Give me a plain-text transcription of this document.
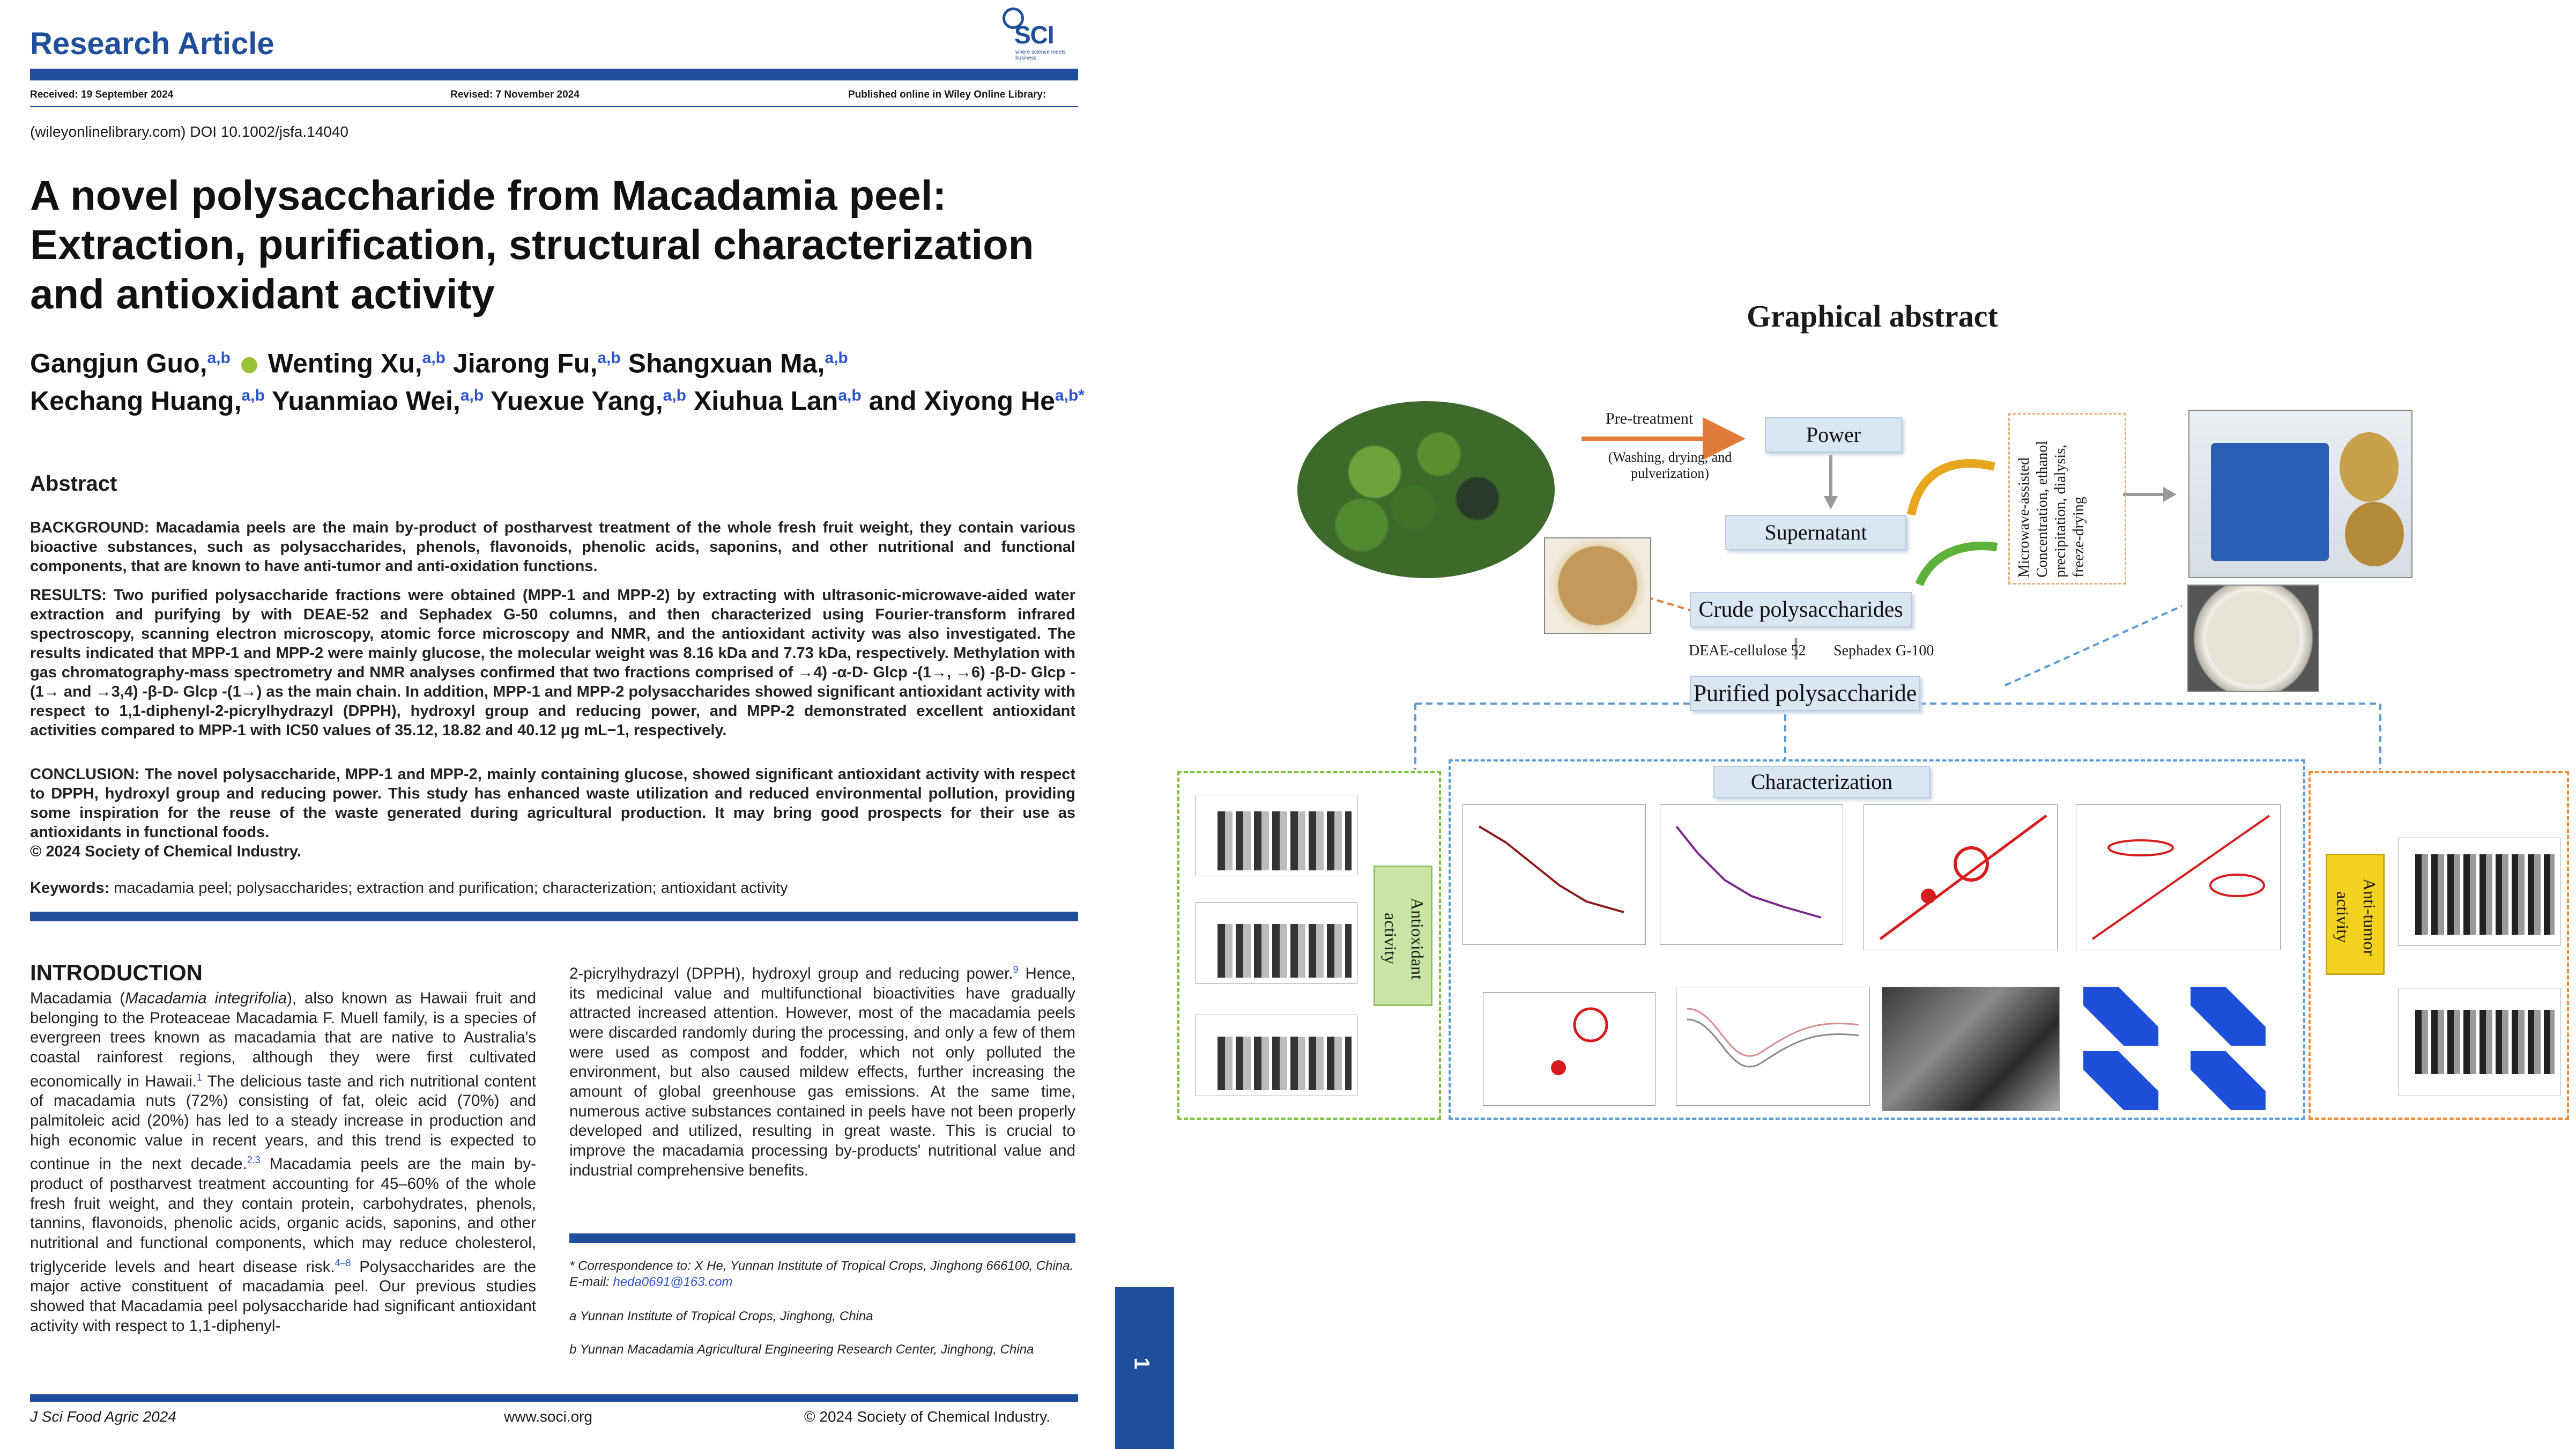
Research Article	SCI
where science meets business
Received: 19 September 2024	Revised: 7 November 2024	Published online in Wiley Online Library:
(wileyonlinelibrary.com) DOI 10.1002/jsfa.14040
A novel polysaccharide from Macadamia peel: Extraction, purification, structural characterization and antioxidant activity
Gangjun Guo,$^{a,b}$ Wenting Xu,$^{a,b}$ Jiarong Fu,$^{a,b}$ Shangxuan Ma,$^{a,b}$
Kechang Huang,$^{a,b}$ Yuanmiao Wei,$^{a,b}$ Yuexue Yang,$^{a,b}$ Xiuhua Lan$^{a,b}$ and Xiyong $He^{a,b*}$
Abstract
BACKGROUND: Macadamia peels are the main by-product of postharvest treatment of the whole fresh fruit weight, they contain various bioactive substances, such as polysaccharides, phenols, flavonoids, phenolic acids, saponins, and other nutritional and functional components, that are known to have anti-tumor and anti-oxidation functions.
RESULTS: Two purified polysaccharide fractions were obtained (MPP-1 and MPP-2) by extracting with ultrasonic-microwave-aided water extraction and purifying by with DEAE-52 and Sephadex G-50 columns, and then characterized using Fourier-transform infrared spectroscopy, scanning electron microscopy, atomic force microscopy and NMR, and the antioxidant activity was also investigated. The results indicated that MPP-1 and MPP-2 were mainly glucose, the molecular weight was 8.16 kDa and 7.73 kDa, respectively. Methylation with gas chromatography-mass spectrometry and NMR analyses confirmed that two fractions comprised of →4) -α-D- Glcp -(1→, →6) -β-D- Glcp -(1→ and →3,4) -β-D- Glcp -(1→) as the main chain. In addition, MPP-1 and MPP-2 polysaccharides showed significant antioxidant activity with respect to 1,1-diphenyl-2-picrylhydrazyl (DPPH), hydroxyl group and reducing power, and MPP-2 demonstrated excellent antioxidant activities compared to MPP-1 with IC50 values of 35.12, 18.82 and 40.12 μg mL−1, respectively.
CONCLUSION: The novel polysaccharide, MPP-1 and MPP-2, mainly containing glucose, showed significant antioxidant activity with respect to DPPH, hydroxyl group and reducing power. This study has enhanced waste utilization and reduced environmental pollution, providing some inspiration for the reuse of the waste generated during agricultural production. It may bring good prospects for their use as antioxidants in functional foods.
© 2024 Society of Chemical Industry.
Keywords: macadamia peel; polysaccharides; extraction and purification; characterization; antioxidant activity
INTRODUCTION
Macadamia (Macadamia integrifolia), also known as Hawaii fruit and belonging to the Proteaceae Macadamia F. Muell family, is a species of evergreen trees known as macadamia that are native to Australia's coastal rainforest regions, although they were first cultivated economically in Hawaii.$^1$ The delicious taste and rich nutritional content of macadamia nuts (72%) consisting of fat, oleic acid (70%) and palmitoleic acid (20%) has led to a steady increase in production and high economic value in recent years, and this trend is expected to continue in the next decade.$^{2,3}$ Macadamia peels are the main by-product of postharvest treatment accounting for 45–60% of the whole fresh fruit weight, and they contain protein, carbohydrates, phenols, tannins, flavonoids, phenolic acids, organic acids, saponins, and other nutritional and functional components, which may reduce cholesterol, triglyceride levels and heart disease risk.$^{4-8}$ Polysaccharides are the major active constituent of macadamia peel. Our previous studies showed that Macadamia peel polysaccharide had significant antioxidant activity with respect to 1,1-diphenyl-
2-picrylhydrazyl (DPPH), hydroxyl group and reducing power.$^9$ Hence, its medicinal value and multifunctional bioactivities have gradually attracted increased attention. However, most of the macadamia peels were discarded randomly during the processing, and only a few of them were used as compost and fodder, which not only polluted the environment, but also caused mildew effects, further increasing the amount of global greenhouse gas emissions. At the same time, numerous active substances contained in peels have not been properly developed and utilized, resulting in great waste. This is crucial to improve the macadamia processing by-products' nutritional value and industrial comprehensive benefits.
* Correspondence to: X He, Yunnan Institute of Tropical Crops, Jinghong 666100, China. E-mail: heda0691@163.com
a Yunnan Institute of Tropical Crops, Jinghong, China
b Yunnan Macadamia Agricultural Engineering Research Center, Jinghong, China
J Sci Food Agric 2024	www.soci.org	© 2024 Society of Chemical Industry.
1
Graphical abstract
Pre-treatment
(Washing, drying, and pulverization)
Power
Supernatant	Microwave-assisted Concentration, ethanol precipitation, dialysis, freeze-drying
Crude polysaccharides
DEAE-cellulose 52 Sephadex G-100
Purified polysaccharide
Antioxidant activity
Characterization
Anti-tumor activity
